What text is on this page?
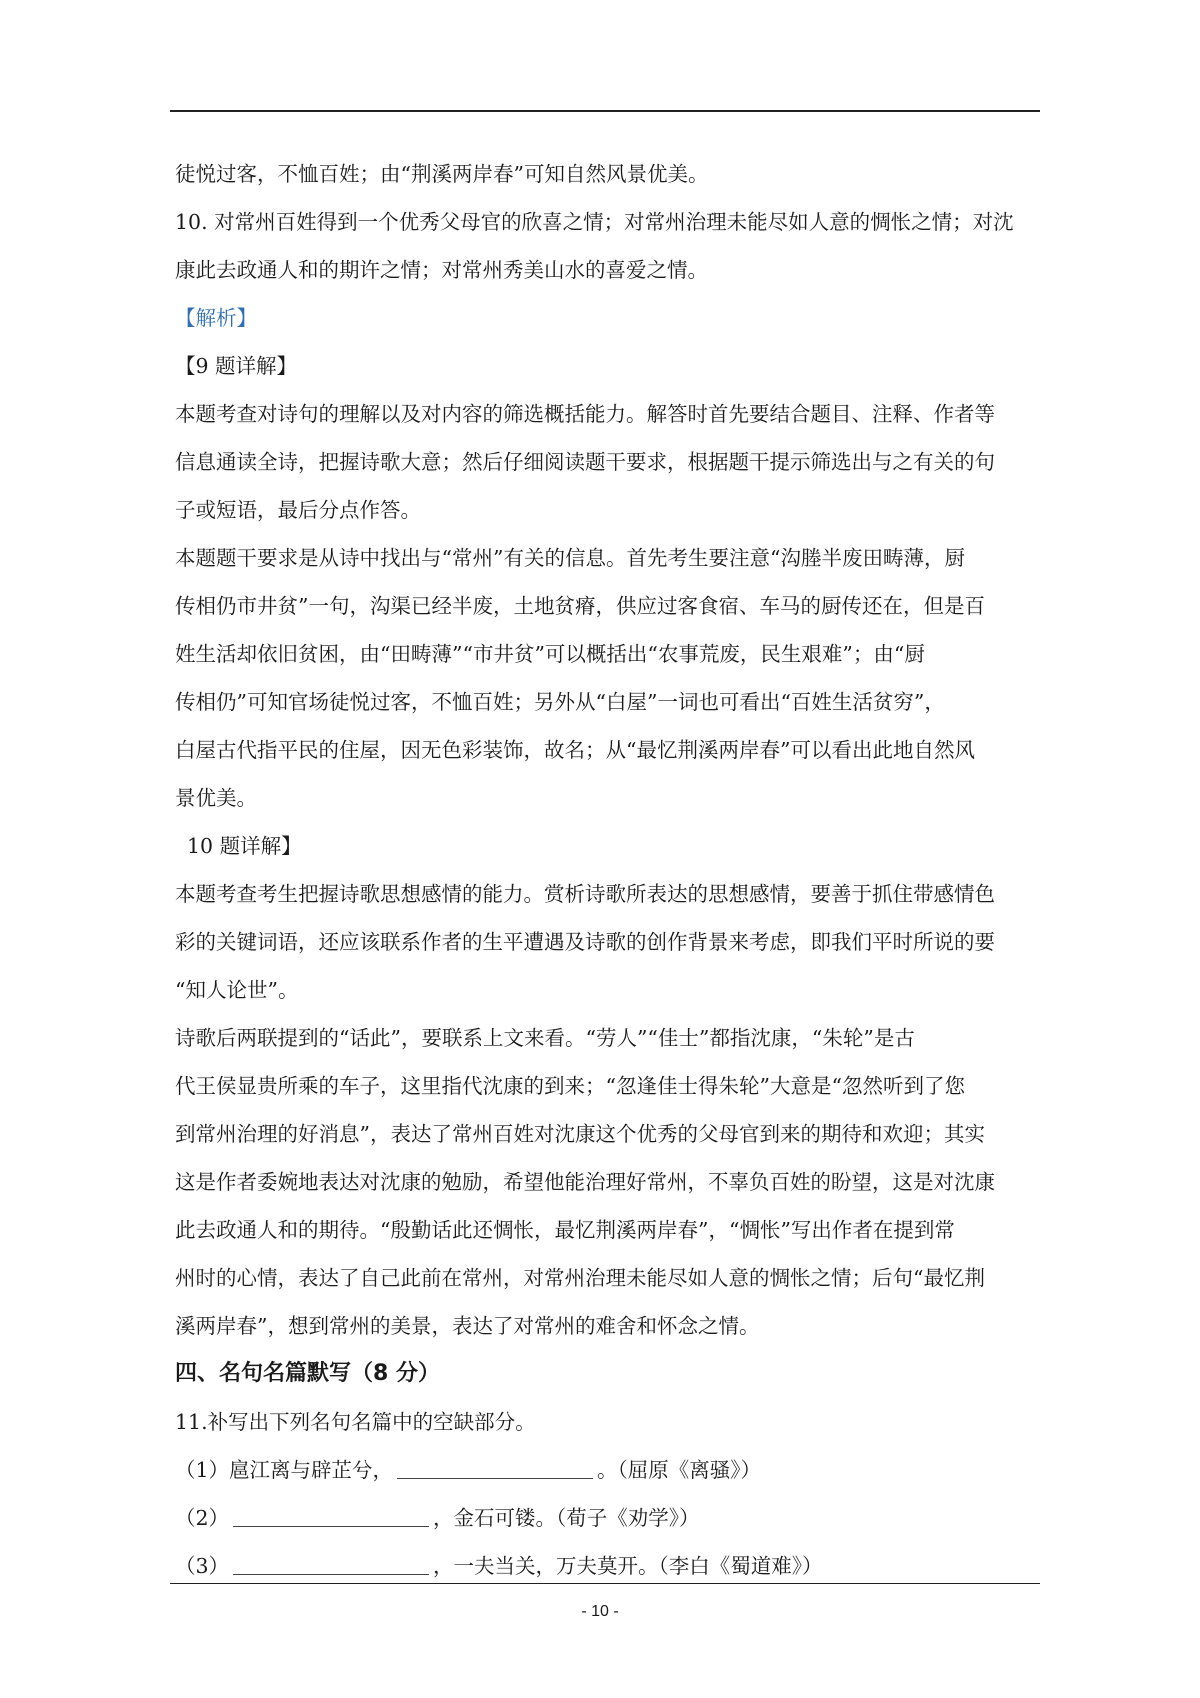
徒悦过客，不恤百姓；由“荆溪两岸春”可知自然风景优美。
10. 对常州百姓得到一个优秀父母官的欣喜之情；对常州治理未能尽如人意的惆怅之情；对沈
康此去政通人和的期许之情；对常州秀美山水的喜爱之情。
【解析】
【9 题详解】
本题考查对诗句的理解以及对内容的筛选概括能力。解答时首先要结合题目、注释、作者等
信息通读全诗，把握诗歌大意；然后仔细阅读题干要求，根据题干提示筛选出与之有关的句
子或短语，最后分点作答。
本题题干要求是从诗中找出与“常州”有关的信息。首先考生要注意“沟塍半废田畴薄，厨
传相仍市井贫”一句，沟渠已经半废，土地贫瘠，供应过客食宿、车马的厨传还在，但是百
姓生活却依旧贫困，由“田畴薄”“市井贫”可以概括出“农事荒废，民生艰难”；由“厨
传相仍”可知官场徒悦过客，不恤百姓；另外从“白屋”一词也可看出“百姓生活贫穷”，
白屋古代指平民的住屋，因无色彩装饰，故名；从“最忆荆溪两岸春”可以看出此地自然风
景优美。
10 题详解】
本题考查考生把握诗歌思想感情的能力。赏析诗歌所表达的思想感情，要善于抓住带感情色
彩的关键词语，还应该联系作者的生平遭遇及诗歌的创作背景来考虑，即我们平时所说的要
“知人论世”。
诗歌后两联提到的“话此”，要联系上文来看。“劳人”“佳士”都指沈康，“朱轮”是古
代王侯显贵所乘的车子，这里指代沈康的到来；“忽逢佳士得朱轮”大意是“忽然听到了您
到常州治理的好消息”，表达了常州百姓对沈康这个优秀的父母官到来的期待和欢迎；其实
这是作者委婉地表达对沈康的勉励，希望他能治理好常州，不辜负百姓的盼望，这是对沈康
此去政通人和的期待。“殷勤话此还惆怅，最忆荆溪两岸春”，“惆怅”写出作者在提到常
州时的心情，表达了自己此前在常州，对常州治理未能尽如人意的惆怅之情；后句“最忆荆
溪两岸春”，想到常州的美景，表达了对常州的难舍和怀念之情。
四、名句名篇默写（8 分）
11.补写出下列名句名篇中的空缺部分。
（1）扈江离与辟芷兮，	。（屈原《离骚》）
（2）	，金石可镂。（荀子《劝学》）
（3）	，一夫当关，万夫莫开。（李白《蜀道难》）
- 10 -
